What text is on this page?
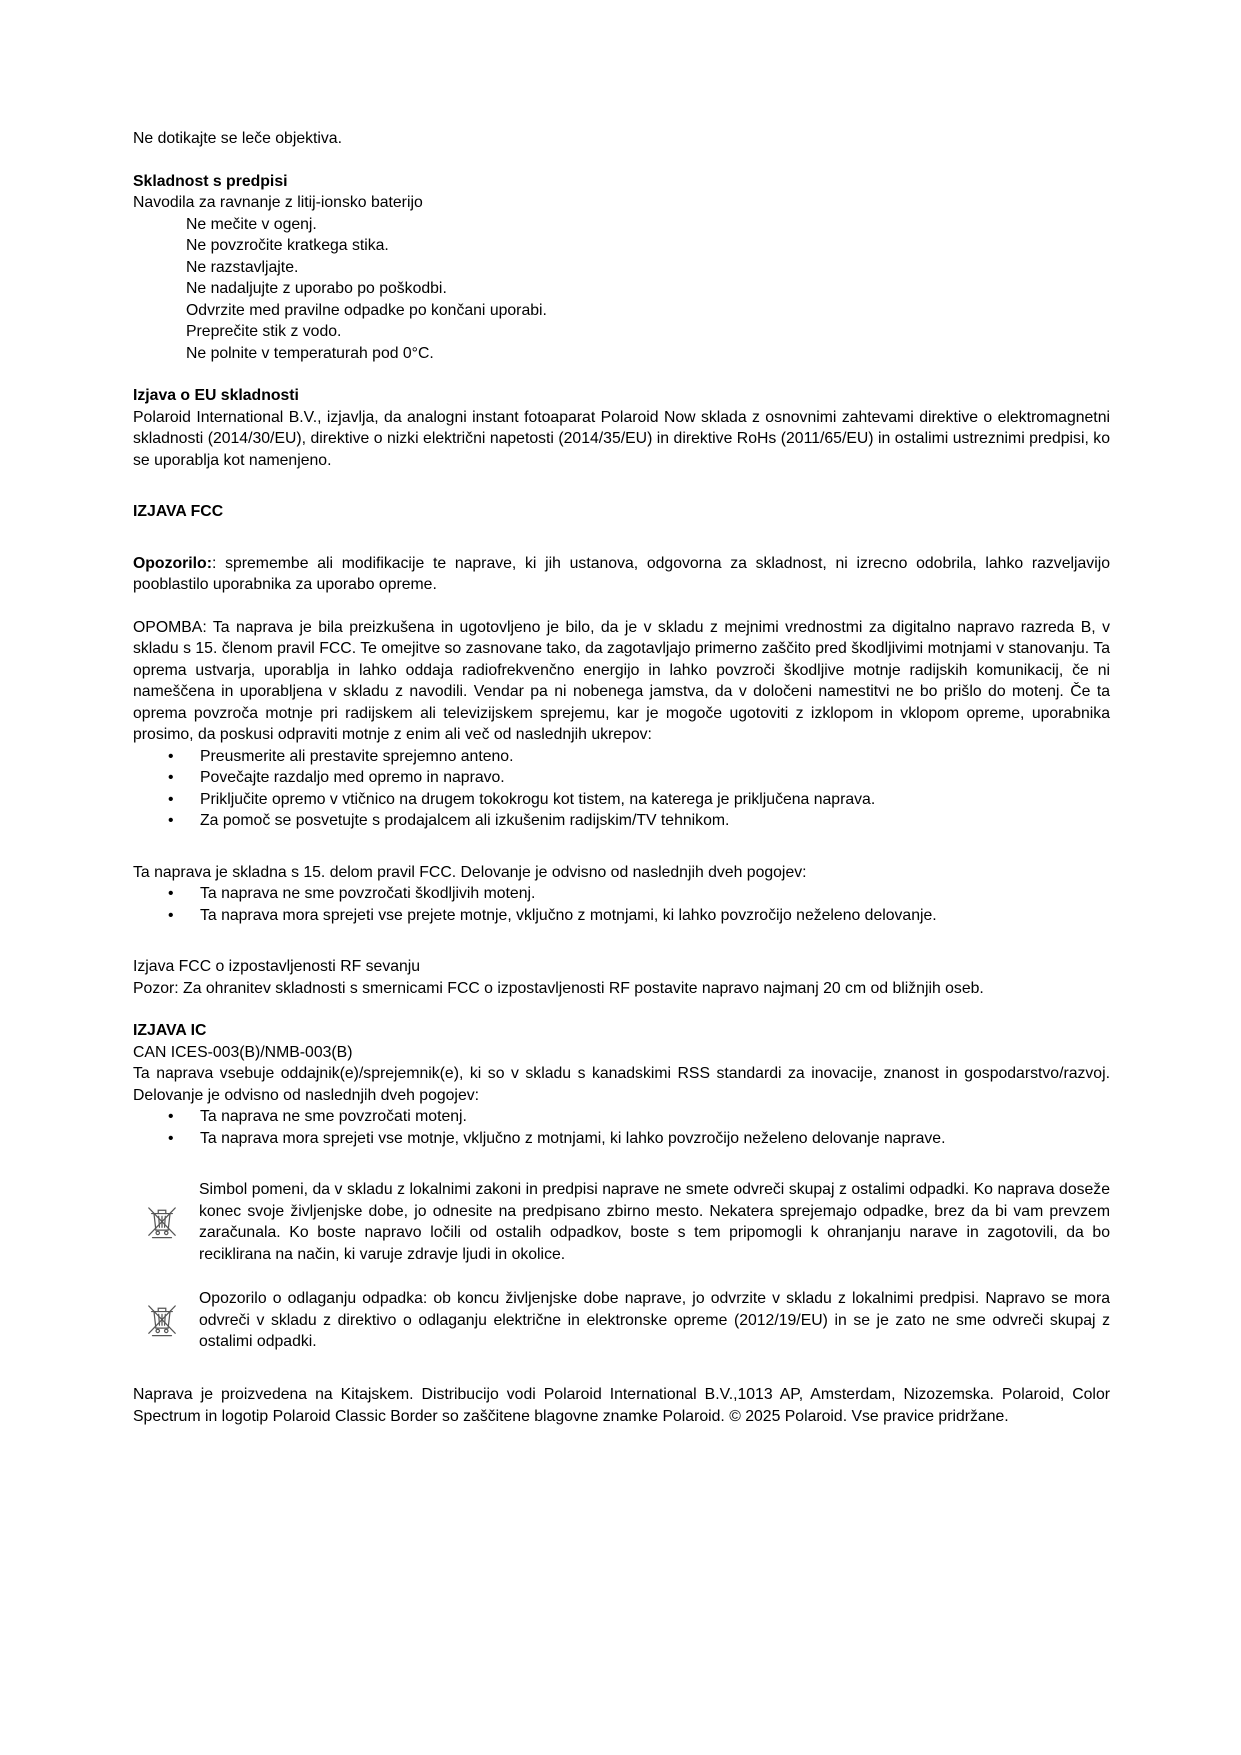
Ne dotikajte se leče objektiva.

Skladnost s predpisi

Navodila za ravnanje z litij-ionsko baterijo

Ne mečite v ogenj.

Ne povzročite kratkega stika.

Ne razstavljajte.

Ne nadaljujte z uporabo po poškodbi.

Odvrzite med pravilne odpadke po končani uporabi.

Preprečite stik z vodo.

Ne polnite v temperaturah pod 0°C.

Izjava o EU skladnosti

Polaroid International B.V., izjavlja, da analogni instant fotoaparat Polaroid Now sklada z osnovnimi zahtevami direktive o elektromagnetni skladnosti (2014/30/EU), direktive o nizki električni napetosti (2014/35/EU) in direktive RoHs (2011/65/EU) in ostalimi ustreznimi predpisi, ko se uporablja kot namenjeno.

IZJAVA FCC

Opozorilo:: spremembe ali modifikacije te naprave, ki jih ustanova, odgovorna za skladnost, ni izrecno odobrila, lahko razveljavijo pooblastilo uporabnika za uporabo opreme.

OPOMBA: Ta naprava je bila preizkušena in ugotovljeno je bilo, da je v skladu z mejnimi vrednostmi za digitalno napravo razreda B, v skladu s 15. členom pravil FCC. Te omejitve so zasnovane tako, da zagotavljajo primerno zaščito pred škodljivimi motnjami v stanovanju. Ta oprema ustvarja, uporablja in lahko oddaja radiofrekvenčno energijo in lahko povzroči škodljive motnje radijskih komunikacij, če ni nameščena in uporabljena v skladu z navodili. Vendar pa ni nobenega jamstva, da v določeni namestitvi ne bo prišlo do motenj. Če ta oprema povzroča motnje pri radijskem ali televizijskem sprejemu, kar je mogoče ugotoviti z izklopom in vklopom opreme, uporabnika prosimo, da poskusi odpraviti motnje z enim ali več od naslednjih ukrepov:

• Preusmerite ali prestavite sprejemno anteno.

• Povečajte razdaljo med opremo in napravo.

• Priključite opremo v vtičnico na drugem tokokrogu kot tistem, na katerega je priključena naprava.

• Za pomoč se posvetujte s prodajalcem ali izkušenim radijskim/TV tehnikom.

Ta naprava je skladna s 15. delom pravil FCC. Delovanje je odvisno od naslednjih dveh pogojev:

• Ta naprava ne sme povzročati škodljivih motenj.

• Ta naprava mora sprejeti vse prejete motnje, vključno z motnjami, ki lahko povzročijo neželeno delovanje.

Izjava FCC o izpostavljenosti RF sevanju

Pozor: Za ohranitev skladnosti s smernicami FCC o izpostavljenosti RF postavite napravo najmanj 20 cm od bližnjih oseb.

IZJAVA IC

CAN ICES-003(B)/NMB-003(B)

Ta naprava vsebuje oddajnik(e)/sprejemnik(e), ki so v skladu s kanadskimi RSS standardi za inovacije, znanost in gospodarstvo/razvoj. Delovanje je odvisno od naslednjih dveh pogojev:

• Ta naprava ne sme povzročati motenj.

• Ta naprava mora sprejeti vse motnje, vključno z motnjami, ki lahko povzročijo neželeno delovanje naprave.

Simbol pomeni, da v skladu z lokalnimi zakoni in predpisi naprave ne smete odvreči skupaj z ostalimi odpadki. Ko naprava doseže konec svoje življenjske dobe, jo odnesite na predpisano zbirno mesto. Nekatera sprejemajo odpadke, brez da bi vam prevzem zaračunala. Ko boste napravo ločili od ostalih odpadkov, boste s tem pripomogli k ohranjanju narave in zagotovili, da bo reciklirana na način, ki varuje zdravje ljudi in okolice.

Opozorilo o odlaganju odpadka: ob koncu življenjske dobe naprave, jo odvrzite v skladu z lokalnimi predpisi. Napravo se mora odvreči v skladu z direktivo o odlaganju električne in elektronske opreme (2012/19/EU) in se je zato ne sme odvreči skupaj z ostalimi odpadki.

Naprava je proizvedena na Kitajskem. Distribucijo vodi Polaroid International B.V.,1013 AP, Amsterdam, Nizozemska. Polaroid, Color Spectrum in logotip Polaroid Classic Border so zaščitene blagovne znamke Polaroid. © 2025 Polaroid. Vse pravice pridržane.
